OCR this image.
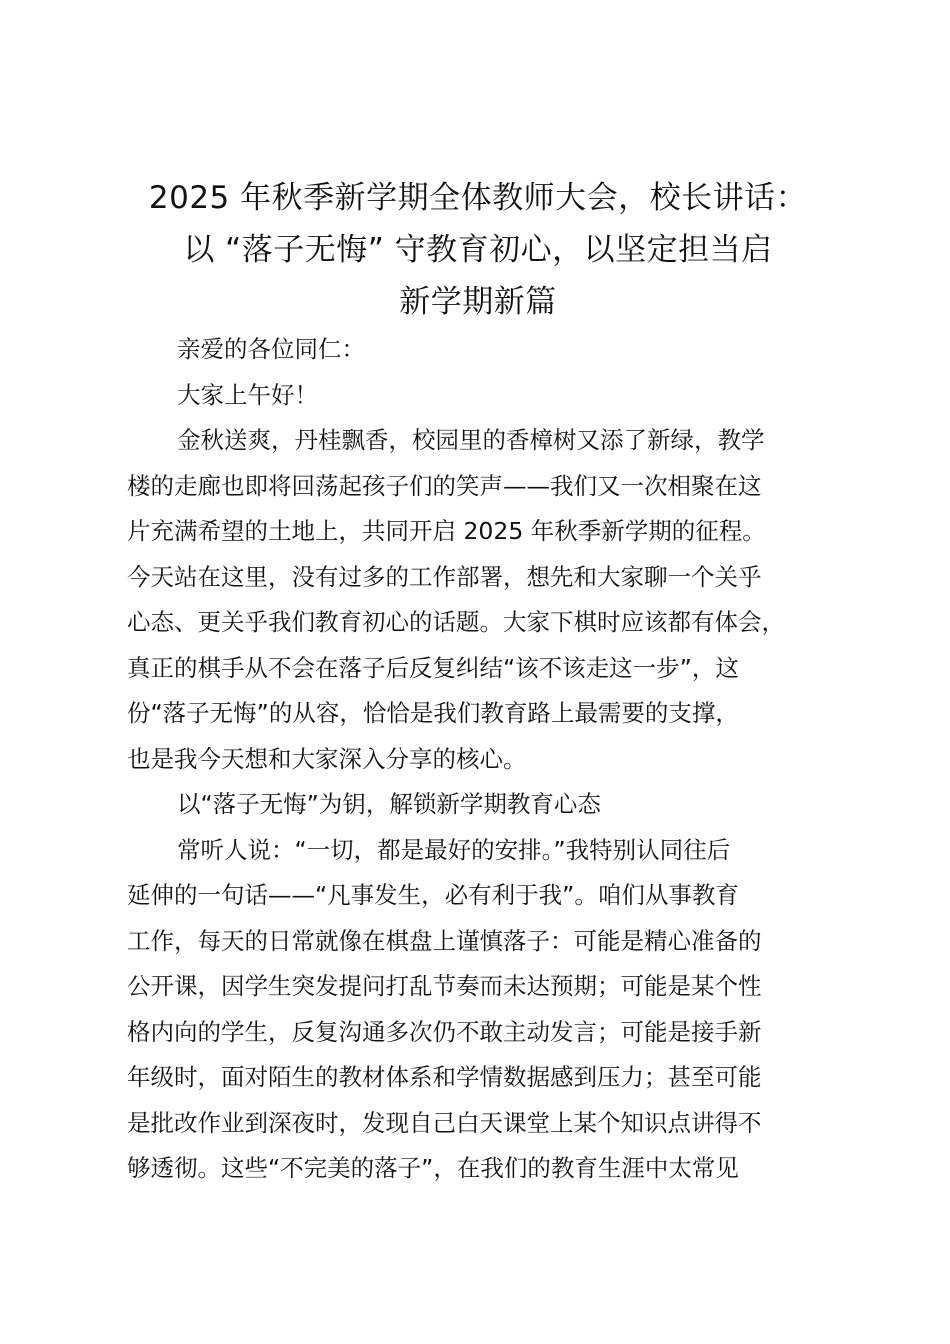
2025 年秋季新学期全体教师大会，校长讲话：
以 “落子无悔” 守教育初心，以坚定担当启
新学期新篇

亲爱的各位同仁：

大家上午好！

金秋送爽，丹桂飘香，校园里的香樟树又添了新绿，教学
楼的走廊也即将回荡起孩子们的笑声——我们又一次相聚在这
片充满希望的土地上，共同开启 2025 年秋季新学期的征程。
今天站在这里，没有过多的工作部署，想先和大家聊一个关乎
心态、更关乎我们教育初心的话题。大家下棋时应该都有体会，
真正的棋手从不会在落子后反复纠结“该不该走这一步”，这
份“落子无悔”的从容，恰恰是我们教育路上最需要的支撑，
也是我今天想和大家深入分享的核心。

以“落子无悔”为钥，解锁新学期教育心态

常听人说：“一切，都是最好的安排。”我特别认同往后
延伸的一句话——“凡事发生，必有利于我”。咱们从事教育
工作，每天的日常就像在棋盘上谨慎落子：可能是精心准备的
公开课，因学生突发提问打乱节奏而未达预期；可能是某个性
格内向的学生，反复沟通多次仍不敢主动发言；可能是接手新
年级时，面对陌生的教材体系和学情数据感到压力；甚至可能
是批改作业到深夜时，发现自己白天课堂上某个知识点讲得不
够透彻。这些“不完美的落子”，在我们的教育生涯中太常见
